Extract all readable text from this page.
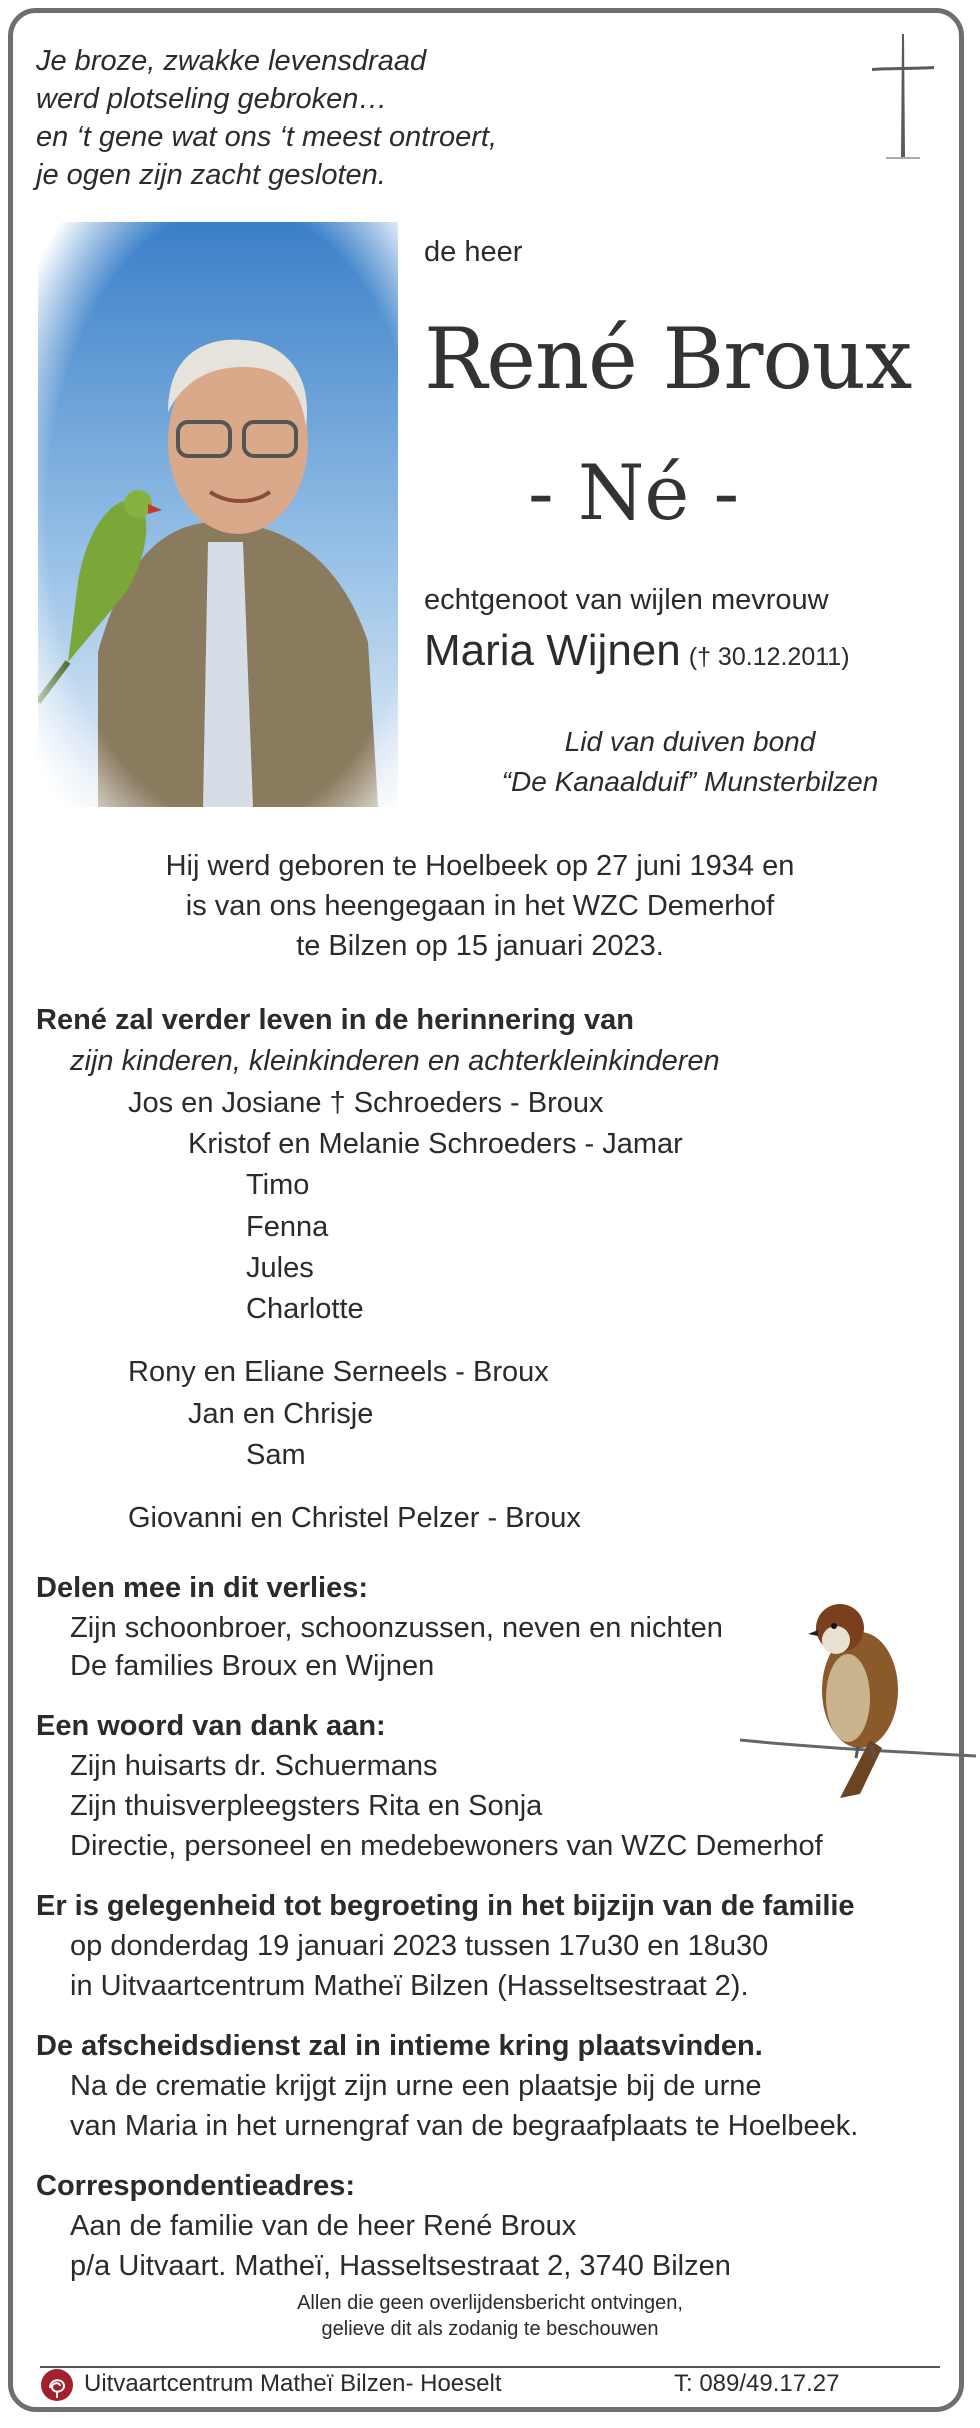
Je broze, zwakke levensdraad
werd plotseling gebroken…
en ‘t gene wat ons ‘t meest ontroert,
je ogen zijn zacht gesloten.
de heer
René Broux
- Né -
echtgenoot van wijlen mevrouw
Maria Wijnen († 30.12.2011)
Lid van duiven bond
“De Kanaalduif” Munsterbilzen
Hij werd geboren te Hoelbeek op 27 juni 1934 en
is van ons heengegaan in het WZC Demerhof
te Bilzen op 15 januari 2023.
René zal verder leven in de herinnering van
zijn kinderen, kleinkinderen en achterkleinkinderen
Jos en Josiane † Schroeders - Broux
Kristof en Melanie Schroeders - Jamar
Timo
Fenna
Jules
Charlotte
Rony en Eliane Serneels - Broux
Jan en Chrisje
Sam
Giovanni en Christel Pelzer - Broux
Delen mee in dit verlies:
Zijn schoonbroer, schoonzussen, neven en nichten
De families Broux en Wijnen
Een woord van dank aan:
Zijn huisarts dr. Schuermans
Zijn thuisverpleegsters Rita en Sonja
Directie, personeel en medebewoners van WZC Demerhof
Er is gelegenheid tot begroeting in het bijzijn van de familie
op donderdag 19 januari 2023 tussen 17u30 en 18u30
in Uitvaartcentrum Matheï Bilzen (Hasseltsestraat 2).
De afscheidsdienst zal in intieme kring plaatsvinden.
Na de crematie krijgt zijn urne een plaatsje bij de urne
van Maria in het urnengraf van de begraafplaats te Hoelbeek.
Correspondentieadres:
Aan de familie van de heer René Broux
p/a Uitvaart. Matheï, Hasseltsestraat 2, 3740 Bilzen
Allen die geen overlijdensbericht ontvingen,
gelieve dit als zodanig te beschouwen
Uitvaartcentrum Matheï Bilzen- Hoeselt	T: 089/49.17.27
